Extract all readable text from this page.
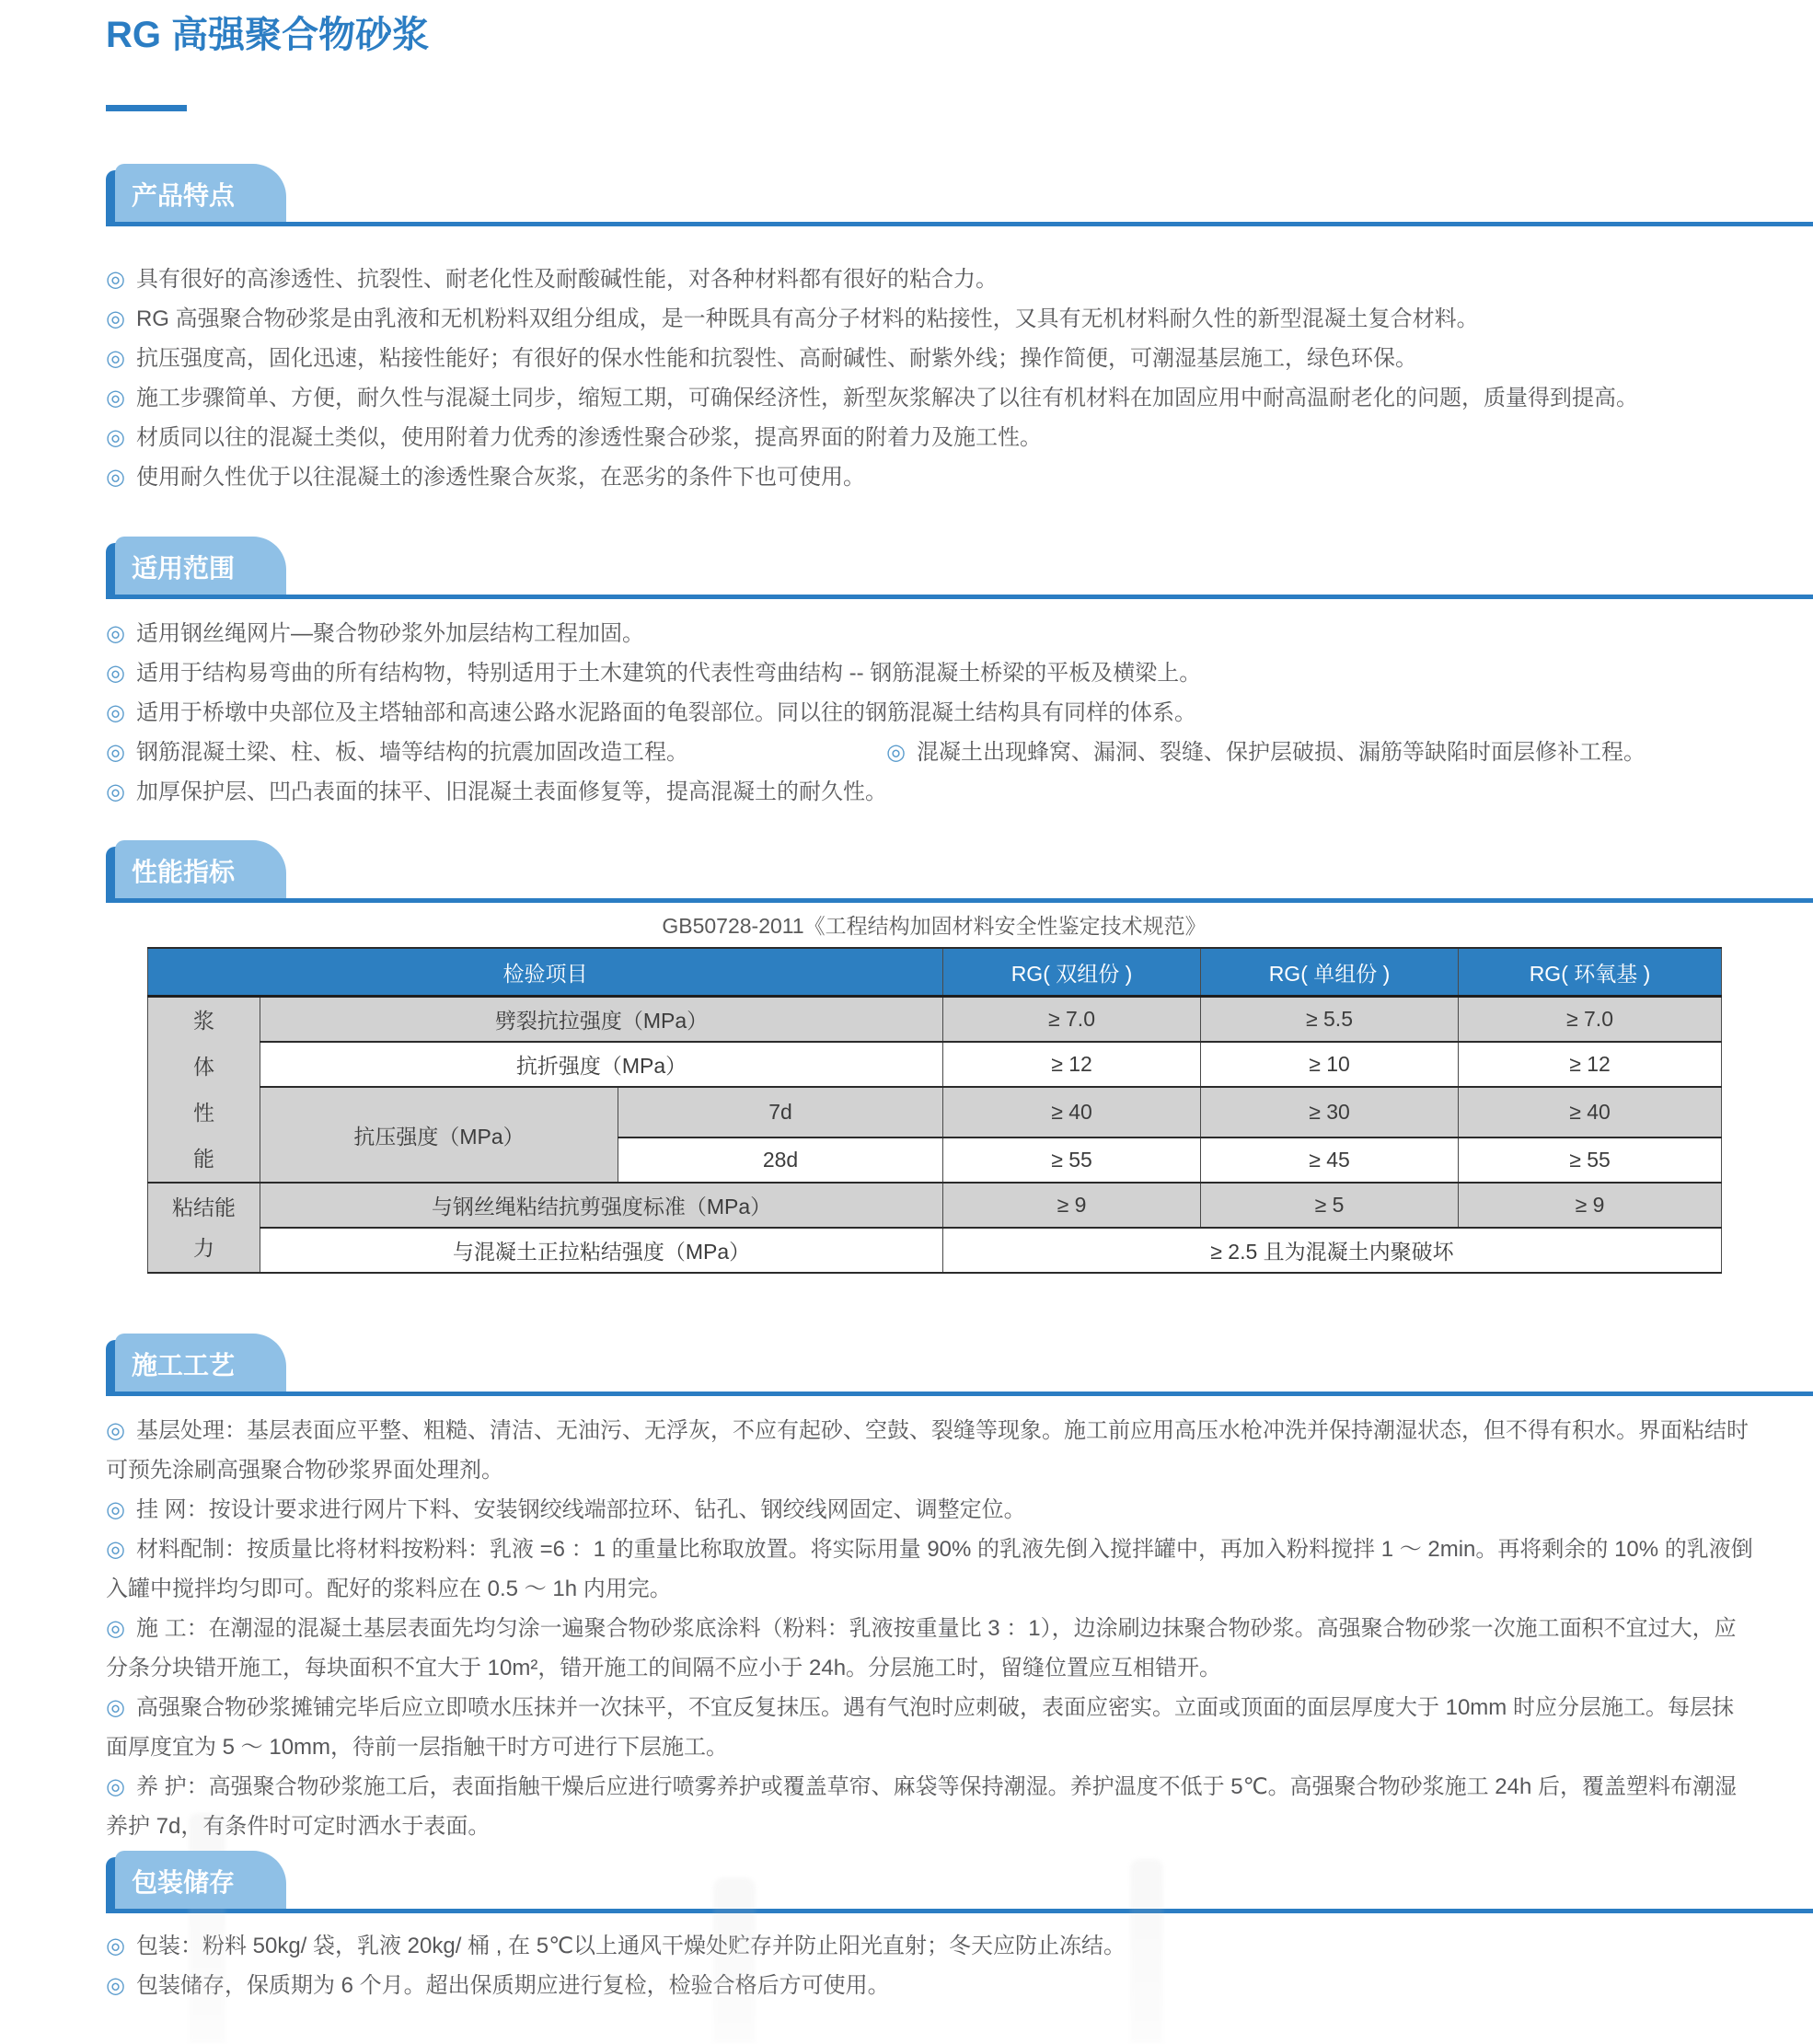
RG 高强聚合物砂浆
产品特点
◎ 具有很好的高渗透性、抗裂性、耐老化性及耐酸碱性能，对各种材料都有很好的粘合力。
◎ RG 高强聚合物砂浆是由乳液和无机粉料双组分组成，是一种既具有高分子材料的粘接性，又具有无机材料耐久性的新型混凝土复合材料。
◎ 抗压强度高，固化迅速，粘接性能好；有很好的保水性能和抗裂性、高耐碱性、耐紫外线；操作简便，可潮湿基层施工，绿色环保。
◎ 施工步骤简单、方便，耐久性与混凝土同步，缩短工期，可确保经济性，新型灰浆解决了以往有机材料在加固应用中耐高温耐老化的问题，质量得到提高。
◎ 材质同以往的混凝土类似，使用附着力优秀的渗透性聚合砂浆，提高界面的附着力及施工性。
◎ 使用耐久性优于以往混凝土的渗透性聚合灰浆，在恶劣的条件下也可使用。
适用范围
◎ 适用钢丝绳网片—聚合物砂浆外加层结构工程加固。
◎ 适用于结构易弯曲的所有结构物，特别适用于土木建筑的代表性弯曲结构 -- 钢筋混凝土桥梁的平板及横梁上。
◎ 适用于桥墩中央部位及主塔轴部和高速公路水泥路面的龟裂部位。同以往的钢筋混凝土结构具有同样的体系。
◎ 钢筋混凝土梁、柱、板、墙等结构的抗震加固改造工程。	◎ 混凝土出现蜂窝、漏洞、裂缝、保护层破损、漏筋等缺陷时面层修补工程。
◎ 加厚保护层、凹凸表面的抹平、旧混凝土表面修复等，提高混凝土的耐久性。
性能指标
GB50728-2011《工程结构加固材料安全性鉴定技术规范》
检验项目			RG( 双组份 )	RG( 单组份 )	RG( 环氧基 )
浆体性能	劈裂抗拉强度（MPa）		≥ 7.0	≥ 5.5	≥ 7.0
	抗折强度（MPa）		≥ 12	≥ 10	≥ 12
	抗压强度（MPa）	7d	≥ 40	≥ 30	≥ 40
		28d	≥ 55	≥ 45	≥ 55
粘结能力	与钢丝绳粘结抗剪强度标准（MPa）		≥ 9	≥ 5	≥ 9
	与混凝土正拉粘结强度（MPa）		≥ 2.5 且为混凝土内聚破坏		
施工工艺
◎ 基层处理：基层表面应平整、粗糙、清洁、无油污、无浮灰，不应有起砂、空鼓、裂缝等现象。施工前应用高压水枪冲洗并保持潮湿状态，但不得有积水。界面粘结时可预先涂刷高强聚合物砂浆界面处理剂。
◎ 挂 网：按设计要求进行网片下料、安装钢绞线端部拉环、钻孔、钢绞线网固定、调整定位。
◎ 材料配制：按质量比将材料按粉料：乳液 =6 ：1 的重量比称取放置。将实际用量 90% 的乳液先倒入搅拌罐中，再加入粉料搅拌 1 ～ 2min。再将剩余的 10% 的乳液倒入罐中搅拌均匀即可。配好的浆料应在 0.5 ～ 1h 内用完。
◎ 施 工：在潮湿的混凝土基层表面先均匀涂一遍聚合物砂浆底涂料（粉料：乳液按重量比 3 ：1），边涂刷边抹聚合物砂浆。高强聚合物砂浆一次施工面积不宜过大，应分条分块错开施工，每块面积不宜大于 10m²，错开施工的间隔不应小于 24h。分层施工时，留缝位置应互相错开。
◎ 高强聚合物砂浆摊铺完毕后应立即喷水压抹并一次抹平，不宜反复抹压。遇有气泡时应刺破，表面应密实。立面或顶面的面层厚度大于 10mm 时应分层施工。每层抹面厚度宜为 5 ～ 10mm，待前一层指触干时方可进行下层施工。
◎ 养 护：高强聚合物砂浆施工后，表面指触干燥后应进行喷雾养护或覆盖草帘、麻袋等保持潮湿。养护温度不低于 5℃。高强聚合物砂浆施工 24h 后，覆盖塑料布潮湿养护 7d，有条件时可定时洒水于表面。
包装储存
◎ 包装：粉料 50kg/ 袋，乳液 20kg/ 桶 , 在 5℃以上通风干燥处贮存并防止阳光直射；冬天应防止冻结。
◎ 包装储存，保质期为 6 个月。超出保质期应进行复检，检验合格后方可使用。
